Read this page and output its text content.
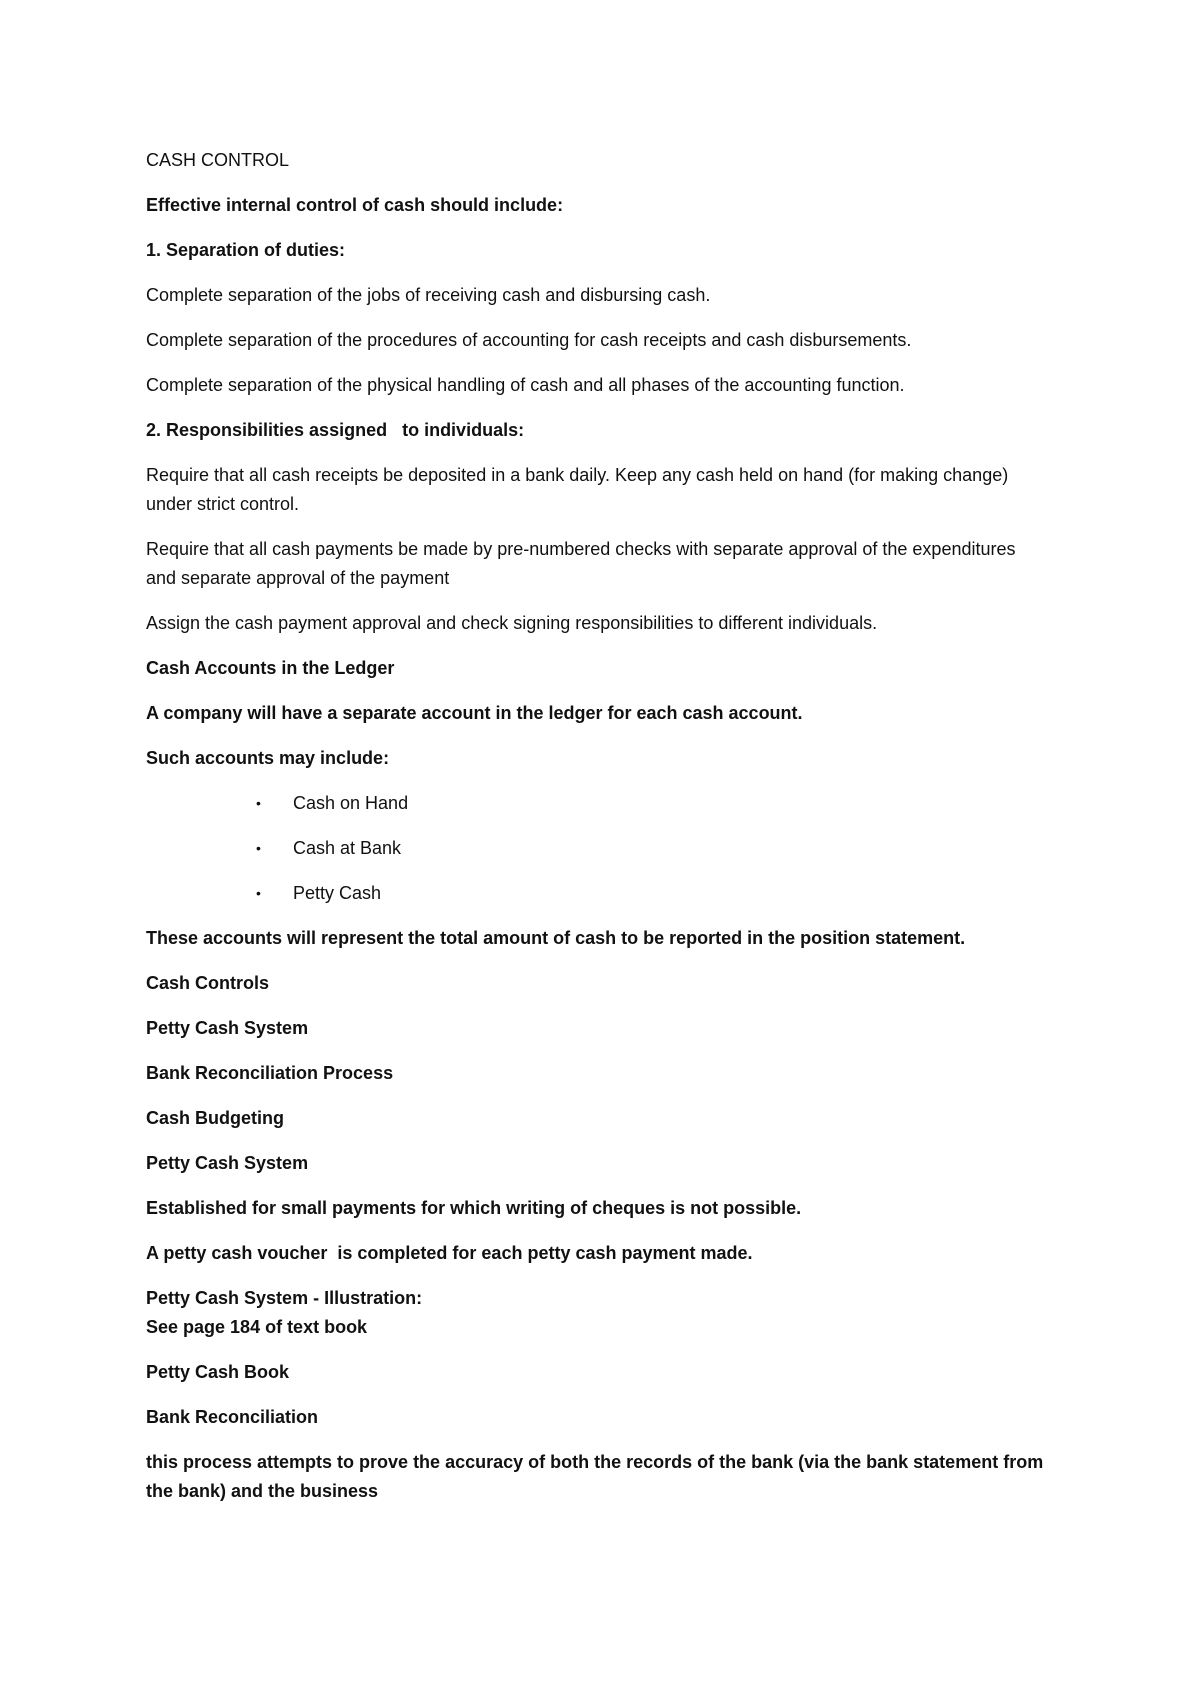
CASH CONTROL

Effective internal control of cash should include:

1. Separation of duties:

Complete separation of the jobs of receiving cash and disbursing cash.

Complete separation of the procedures of accounting for cash receipts and cash disbursements.

Complete separation of the physical handling of cash and all phases of the accounting function.

2. Responsibilities assigned   to individuals:

Require that all cash receipts be deposited in a bank daily. Keep any cash held on hand (for making change) under strict control.

Require that all cash payments be made by pre-numbered checks with separate approval of the expenditures and separate approval of the payment

Assign the cash payment approval and check signing responsibilities to different individuals.

Cash Accounts in the Ledger

A company will have a separate account in the ledger for each cash account.

Such accounts may include:

• Cash on Hand
• Cash at Bank
• Petty Cash

These accounts will represent the total amount of cash to be reported in the position statement.

Cash Controls

Petty Cash System

Bank Reconciliation Process

Cash Budgeting

Petty Cash System

Established for small payments for which writing of cheques is not possible.

A petty cash voucher  is completed for each petty cash payment made.

Petty Cash System - Illustration:

See page 184 of text book

Petty Cash Book

Bank Reconciliation

this process attempts to prove the accuracy of both the records of the bank (via the bank statement from the bank) and the business
